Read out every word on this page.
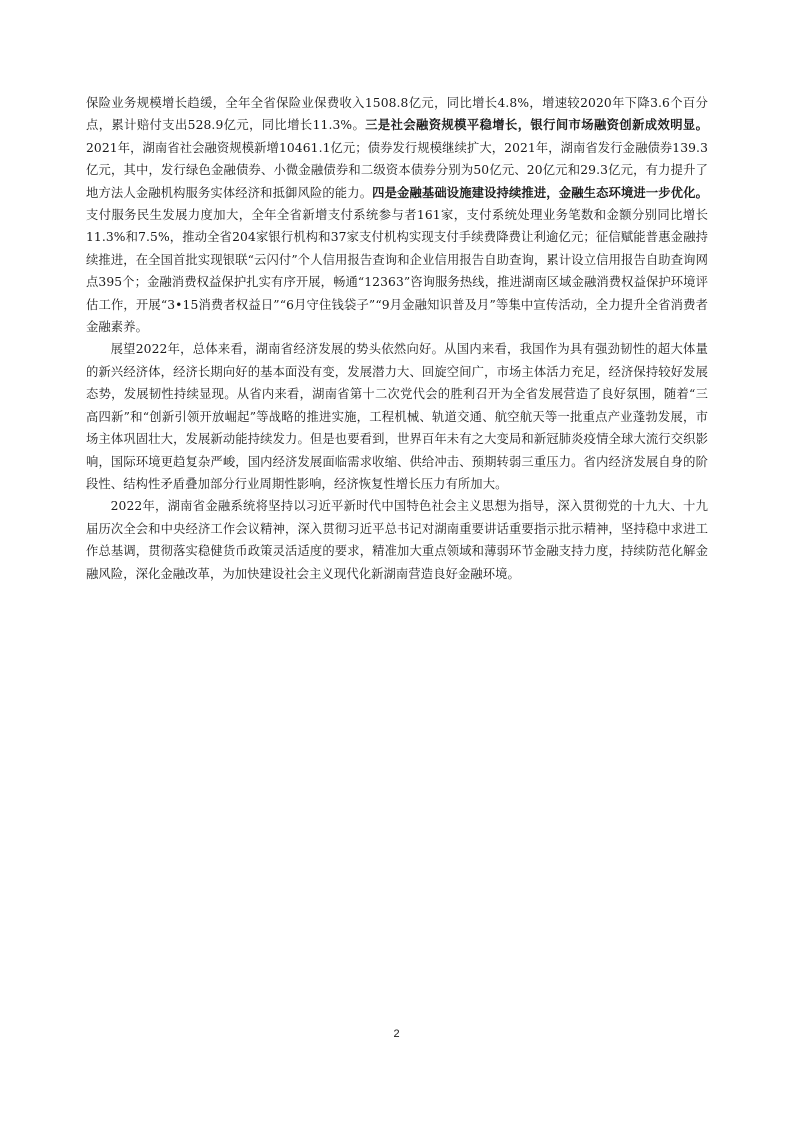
保险业务规模增长趋缓，全年全省保险业保费收入1508.8亿元，同比增长4.8%，增速较2020年下降3.6个百分点，累计赔付支出528.9亿元，同比增长11.3%。三是社会融资规模平稳增长，银行间市场融资创新成效明显。2021年，湖南省社会融资规模新增10461.1亿元；债券发行规模继续扩大，2021年，湖南省发行金融债券139.3亿元，其中，发行绿色金融债券、小微金融债券和二级资本债券分别为50亿元、20亿元和29.3亿元，有力提升了地方法人金融机构服务实体经济和抵御风险的能力。四是金融基础设施建设持续推进，金融生态环境进一步优化。支付服务民生发展力度加大，全年全省新增支付系统参与者161家，支付系统处理业务笔数和金额分别同比增长11.3%和7.5%，推动全省204家银行机构和37家支付机构实现支付手续费降费让利逾亿元；征信赋能普惠金融持续推进，在全国首批实现银联“云闪付”个人信用报告查询和企业信用报告自助查询，累计设立信用报告自助查询网点395个；金融消费权益保护扎实有序开展，畅通“12363”咨询服务热线，推进湖南区域金融消费权益保护环境评估工作，开展“3•15消费者权益日”“6月守住钱袋子”“9月金融知识普及月”等集中宣传活动，全力提升全省消费者金融素养。

展望2022年，总体来看，湖南省经济发展的势头依然向好。从国内来看，我国作为具有强劲韧性的超大体量的新兴经济体，经济长期向好的基本面没有变，发展潜力大、回旋空间广，市场主体活力充足，经济保持较好发展态势，发展韧性持续显现。从省内来看，湖南省第十二次党代会的胜利召开为全省发展营造了良好氛围，随着“三高四新”和“创新引领开放崛起”等战略的推进实施，工程机械、轨道交通、航空航天等一批重点产业蓬勃发展，市场主体巩固壮大，发展新动能持续发力。但是也要看到，世界百年未有之大变局和新冠肺炎疫情全球大流行交织影响，国际环境更趋复杂严峻，国内经济发展面临需求收缩、供给冲击、预期转弱三重压力。省内经济发展自身的阶段性、结构性矛盾叠加部分行业周期性影响，经济恢复性增长压力有所加大。

2022年，湖南省金融系统将坚持以习近平新时代中国特色社会主义思想为指导，深入贯彻党的十九大、十九届历次全会和中央经济工作会议精神，深入贯彻习近平总书记对湖南重要讲话重要指示批示精神，坚持稳中求进工作总基调，贯彻落实稳健货币政策灵活适度的要求，精准加大重点领域和薄弱环节金融支持力度，持续防范化解金融风险，深化金融改革，为加快建设社会主义现代化新湖南营造良好金融环境。

2
